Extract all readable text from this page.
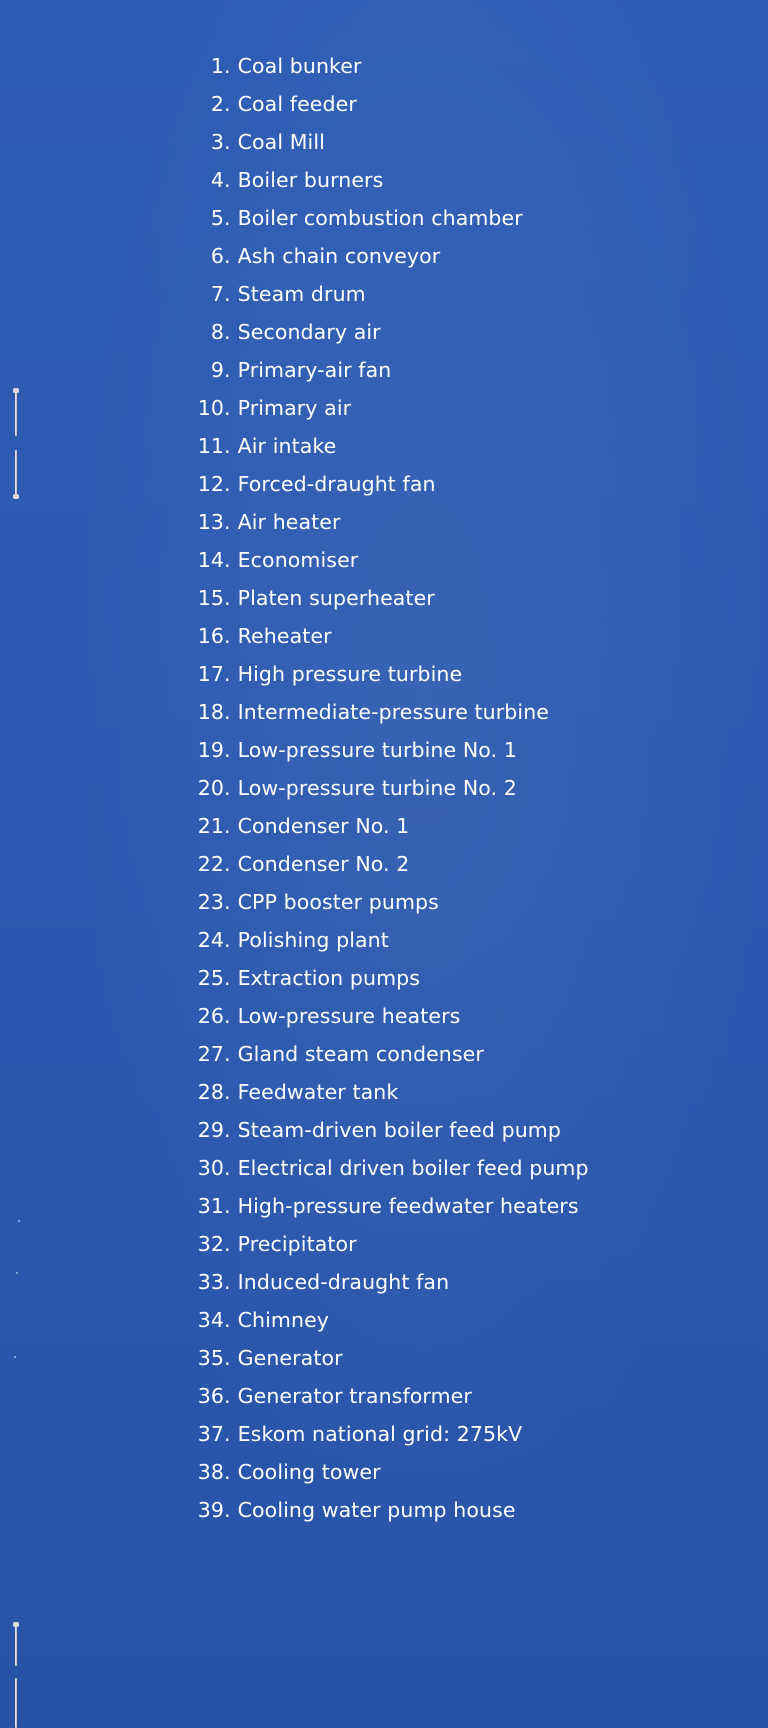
1 .
Coal bunker
2 .
Coal feeder
3 .
Coal Mill
4 .
Boiler burners
5 .
Boiler combustion chamber
6 .
Ash chain conveyor
7 .
Steam drum
8 .
Secondary air
9 .
Primary-air fan
10 .
Primary air
11 .
Air intake
12 .
Forced-draught fan
13 .
Air heater
14 .
Economiser
15 .
Platen superheater
16 .
Reheater
17 .
High pressure turbine
18 .
Intermediate-pressure turbine
19 .
Low-pressure turbine No. 1
20 .
Low-pressure turbine No. 2
21 .
Condenser No. 1
22 .
Condenser No. 2
23 .
CPP booster pumps
24 .
Polishing plant
25 .
Extraction pumps
26 .
Low-pressure heaters
27 .
Gland steam condenser
28 .
Feedwater tank
29 .
Steam-driven boiler feed pump
30 .
Electrical driven boiler feed pump
31 .
High-pressure feedwater heaters
32 .
Precipitator
33 .
Induced-draught fan
34 .
Chimney
35 .
Generator
36 .
Generator transformer
37 .
Eskom national grid: 275kV
38 .
Cooling tower
39 .
Cooling water pump house
